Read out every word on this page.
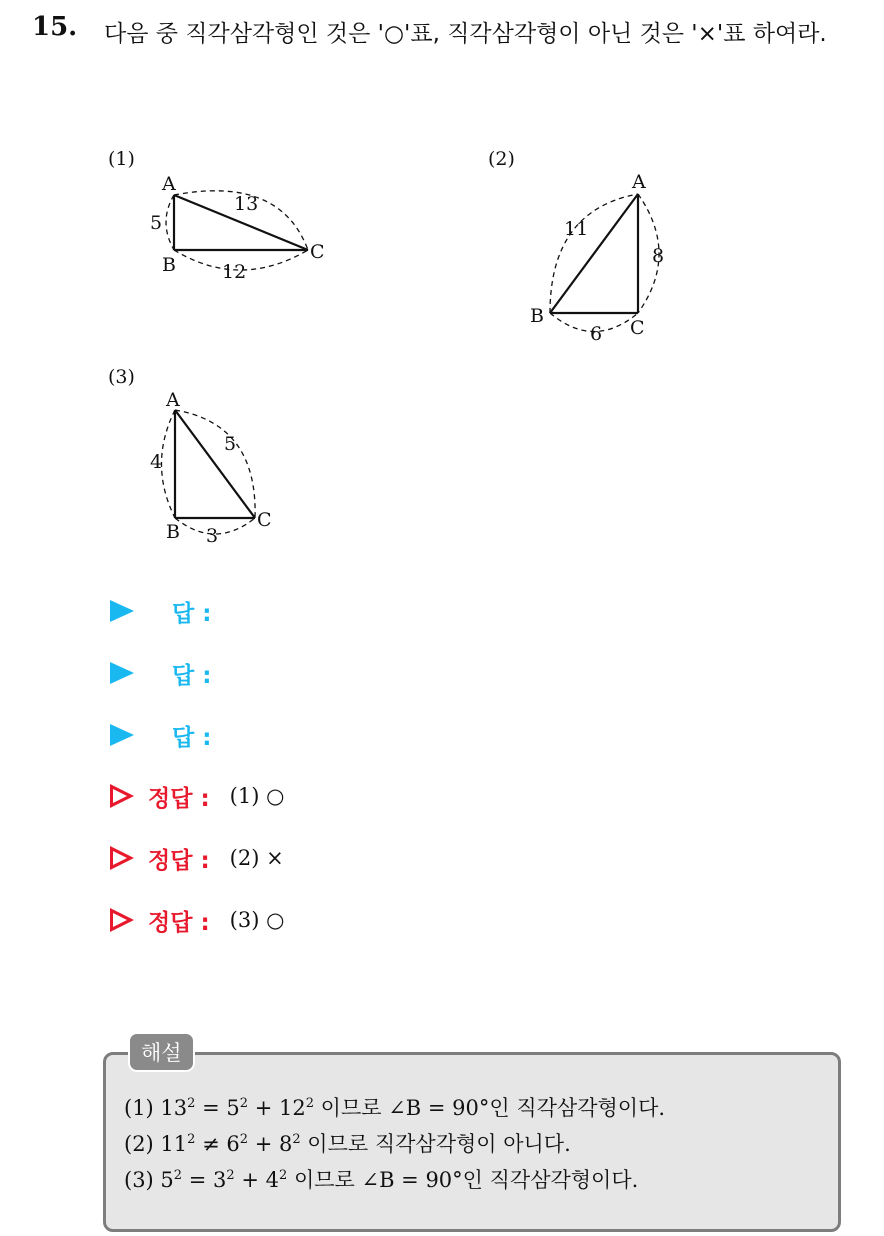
15. 다음 중 직각삼각형인 것은 '○'표, 직각삼각형이 아닌 것은 '×'표 하여라.
(1)
A
B
C
5
13
12
(2)
A
B
C
11
8
6
(3)
A
B
C
4
5
3
답 :
답 :
답 :
정답 : (1) ○
정답 : (2) ×
정답 : (3) ○
해설
(1) $13^2 = 5^2 + 12^2$ 이므로 ∠B = 90°인 직각삼각형이다.
(2) $11^2 \ne 6^2 + 8^2$ 이므로 직각삼각형이 아니다.
(3) $5^2 = 3^2 + 4^2$ 이므로 ∠B = 90°인 직각삼각형이다.
